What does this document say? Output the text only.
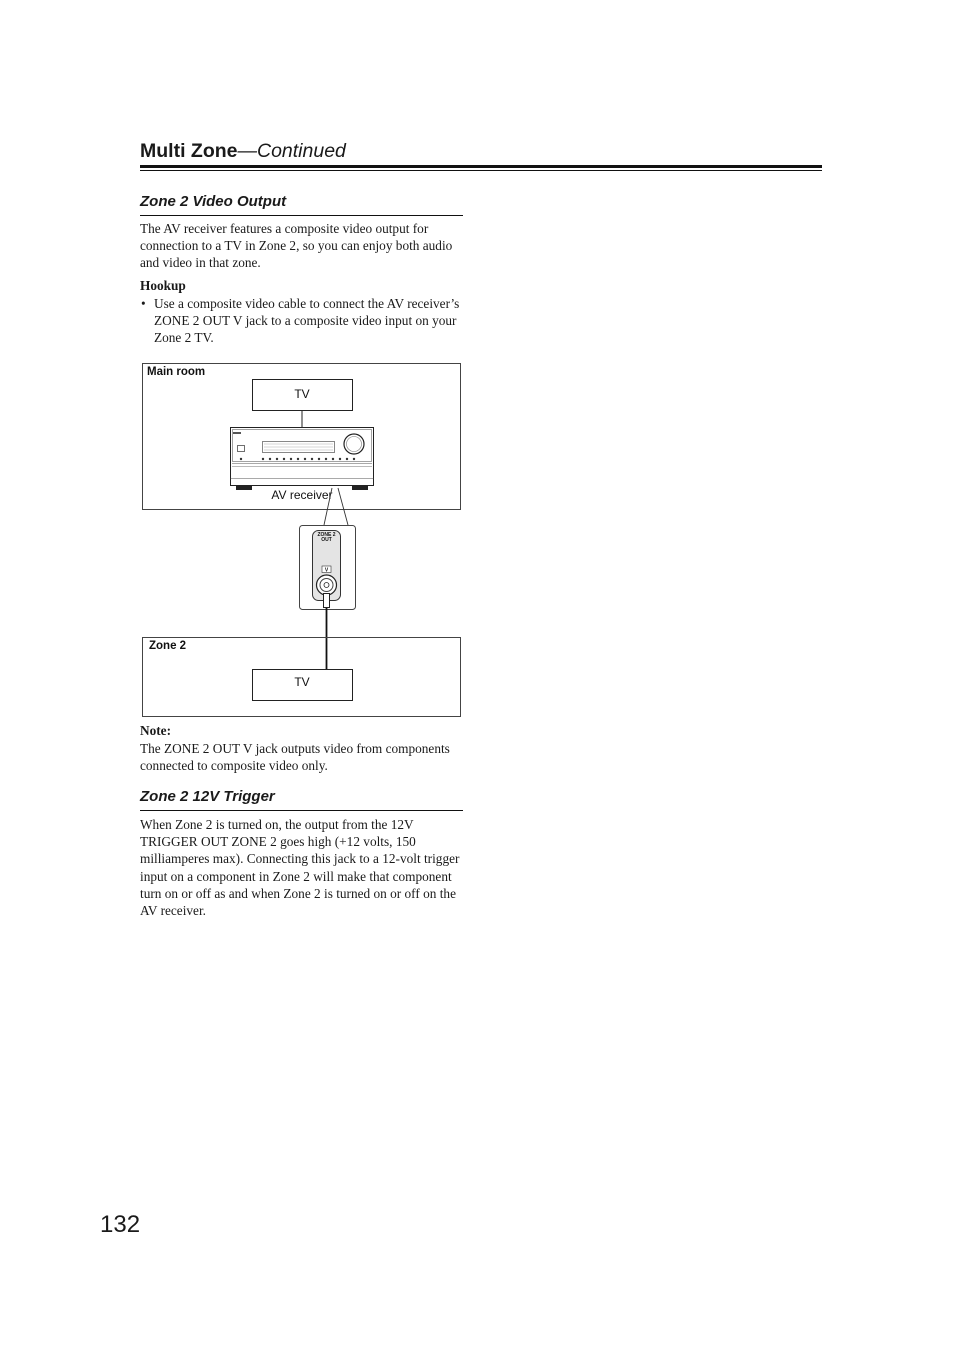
Multi Zone—Continued
Zone 2 Video Output
The AV receiver features a composite video output for connection to a TV in Zone 2, so you can enjoy both audio and video in that zone.
Hookup
• Use a composite video cable to connect the AV receiver’s ZONE 2 OUT V jack to a composite video input on your Zone 2 TV.
Main room
TV
AV receiver
ZONE 2
OUT
V
Zone 2
TV
Note:
The ZONE 2 OUT V jack outputs video from components connected to composite video only.
Zone 2 12V Trigger
When Zone 2 is turned on, the output from the 12V TRIGGER OUT ZONE 2 goes high (+12 volts, 150 milliamperes max). Connecting this jack to a 12-volt trigger input on a component in Zone 2 will make that component turn on or off as and when Zone 2 is turned on or off on the AV receiver.
132
